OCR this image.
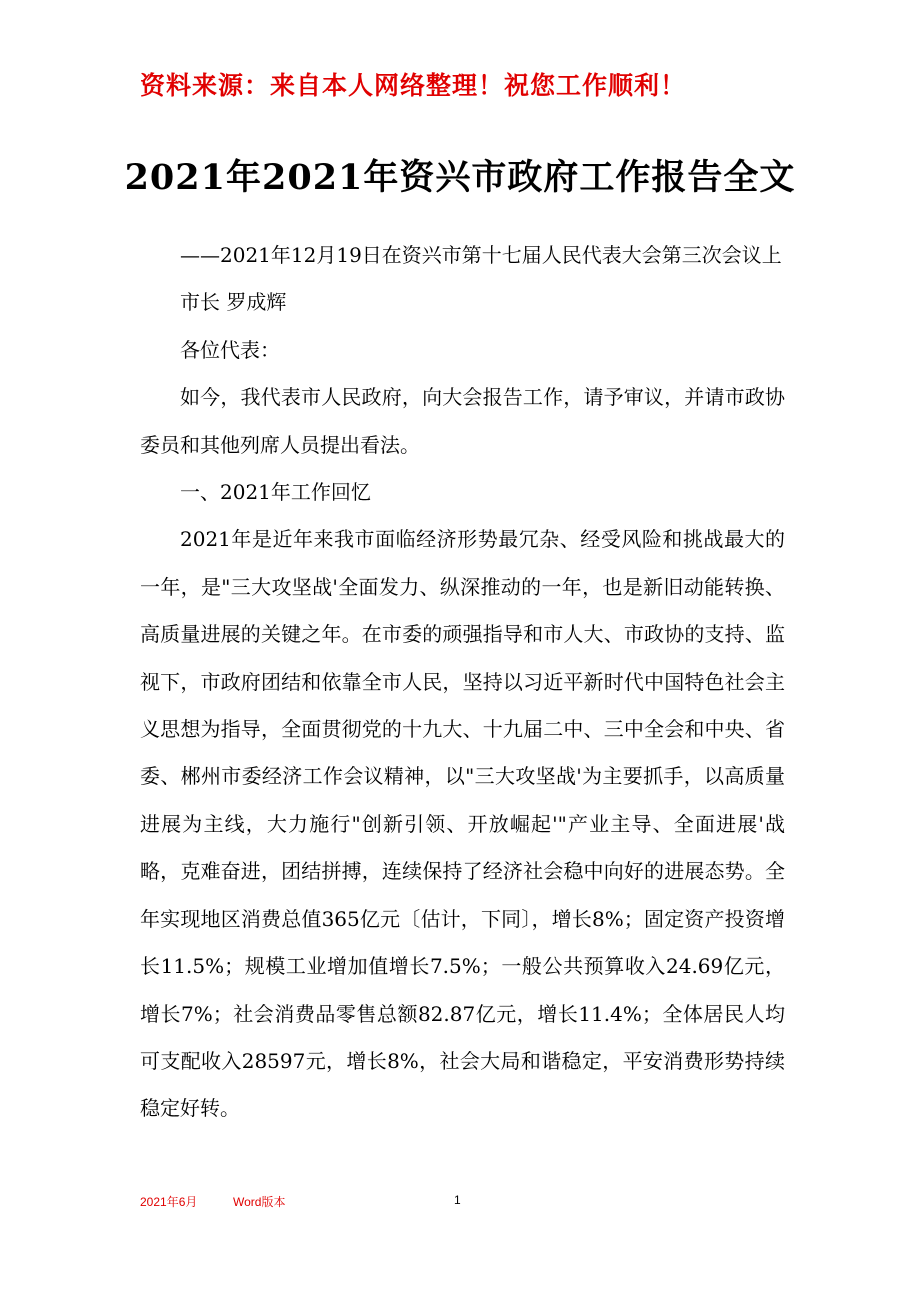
资料来源：来自本人网络整理！祝您工作顺利！
2021年2021年资兴市政府工作报告全文

——2021年12月19日在资兴市第十七届人民代表大会第三次会议上

市长 罗成辉

各位代表：

如今，我代表市人民政府，向大会报告工作，请予审议，并请市政协委员和其他列席人员提出看法。

一、2021年工作回忆

2021年是近年来我市面临经济形势最冗杂、经受风险和挑战最大的一年，是"三大攻坚战'全面发力、纵深推动的一年，也是新旧动能转换、高质量进展的关键之年。在市委的顽强指导和市人大、市政协的支持、监视下，市政府团结和依靠全市人民，坚持以习近平新时代中国特色社会主义思想为指导，全面贯彻党的十九大、十九届二中、三中全会和中央、省委、郴州市委经济工作会议精神，以"三大攻坚战'为主要抓手，以高质量进展为主线，大力施行"创新引领、开放崛起'"产业主导、全面进展'战略，克难奋进，团结拼搏，连续保持了经济社会稳中向好的进展态势。全年实现地区消费总值365亿元〔估计，下同〕，增长8%；固定资产投资增长11.5%；规模工业增加值增长7.5%；一般公共预算收入24.69亿元，增长7%；社会消费品零售总额82.87亿元，增长11.4%；全体居民人均可支配收入28597元，增长8%，社会大局和谐稳定，平安消费形势持续稳定好转。

2021年6月	Word版本	1
